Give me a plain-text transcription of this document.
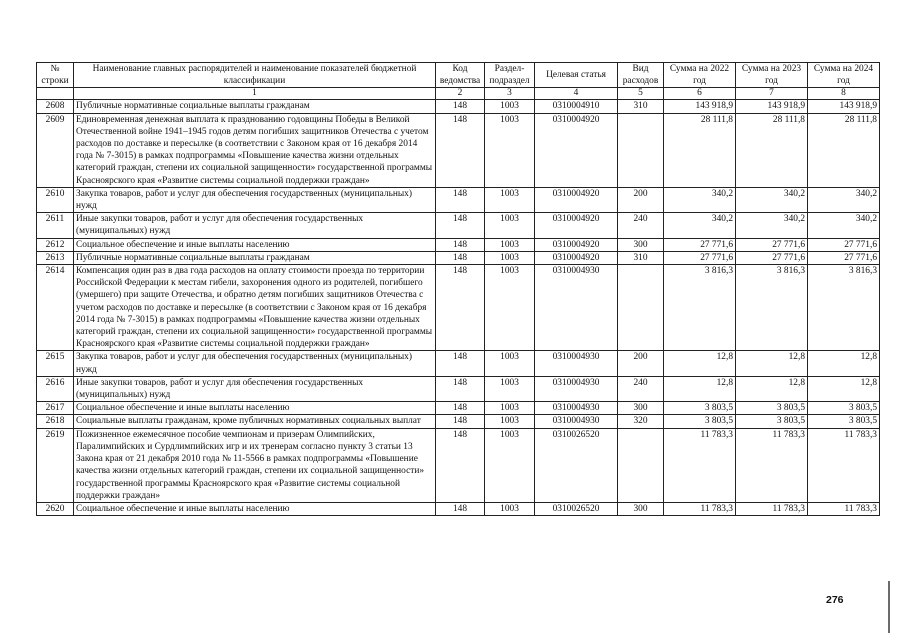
№ строки	Наименование главных распорядителей и наименование показателей бюджетной классификации	Код ведомства	Раздел-подраздел	Целевая статья	Вид расходов	Сумма на 2022 год	Сумма на 2023 год	Сумма на 2024 год
	1	2	3	4	5	6	7	8
2608	Публичные нормативные социальные выплаты гражданам	148	1003	0310004910	310	143 918,9	143 918,9	143 918,9
2609	Единовременная денежная выплата к празднованию годовщины Победы в Великой Отечественной войне 1941–1945 годов детям погибших защитников Отечества с учетом расходов по доставке и пересылке (в соответствии с Законом края от 16 декабря 2014 года № 7-3015) в рамках подпрограммы «Повышение качества жизни отдельных категорий граждан, степени их социальной защищенности» государственной программы Красноярского края «Развитие системы социальной поддержки граждан»	148	1003	0310004920		28 111,8	28 111,8	28 111,8
2610	Закупка товаров, работ и услуг для обеспечения государственных (муниципальных) нужд	148	1003	0310004920	200	340,2	340,2	340,2
2611	Иные закупки товаров, работ и услуг для обеспечения государственных (муниципальных) нужд	148	1003	0310004920	240	340,2	340,2	340,2
2612	Социальное обеспечение и иные выплаты населению	148	1003	0310004920	300	27 771,6	27 771,6	27 771,6
2613	Публичные нормативные социальные выплаты гражданам	148	1003	0310004920	310	27 771,6	27 771,6	27 771,6
2614	Компенсация один раз в два года расходов на оплату стоимости проезда по территории Российской Федерации к местам гибели, захоронения одного из родителей, погибшего (умершего) при защите Отечества, и обратно детям погибших защитников Отечества с учетом расходов по доставке и пересылке (в соответствии с Законом края от 16 декабря 2014 года № 7-3015) в рамках подпрограммы «Повышение качества жизни отдельных категорий граждан, степени их социальной защищенности» государственной программы Красноярского края «Развитие системы социальной поддержки граждан»	148	1003	0310004930		3 816,3	3 816,3	3 816,3
2615	Закупка товаров, работ и услуг для обеспечения государственных (муниципальных) нужд	148	1003	0310004930	200	12,8	12,8	12,8
2616	Иные закупки товаров, работ и услуг для обеспечения государственных (муниципальных) нужд	148	1003	0310004930	240	12,8	12,8	12,8
2617	Социальное обеспечение и иные выплаты населению	148	1003	0310004930	300	3 803,5	3 803,5	3 803,5
2618	Социальные выплаты гражданам, кроме публичных нормативных социальных выплат	148	1003	0310004930	320	3 803,5	3 803,5	3 803,5
2619	Пожизненное ежемесячное пособие чемпионам и призерам Олимпийских, Паралимпийских и Сурдлимпийских игр и их тренерам согласно пункту 3 статьи 13 Закона края от 21 декабря 2010 года № 11-5566 в рамках подпрограммы «Повышение качества жизни отдельных категорий граждан, степени их социальной защищенности» государственной программы Красноярского края «Развитие системы социальной поддержки граждан»	148	1003	0310026520		11 783,3	11 783,3	11 783,3
2620	Социальное обеспечение и иные выплаты населению	148	1003	0310026520	300	11 783,3	11 783,3	11 783,3
276
